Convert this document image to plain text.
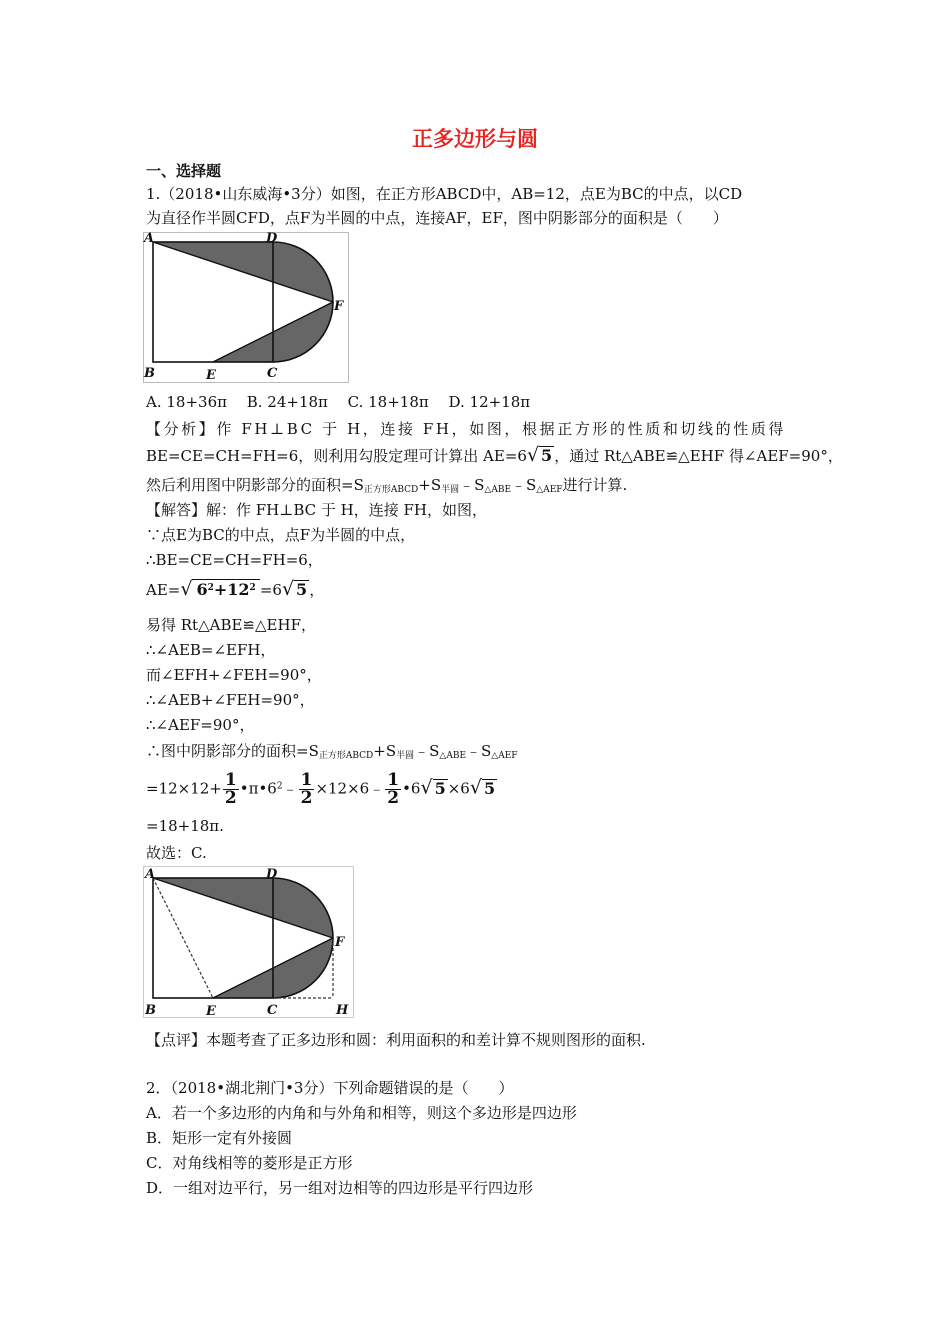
正多边形与圆
一、选择题
1.（2018•山东威海•3分）如图，在正方形ABCD中，AB=12，点E为BC的中点，以CD
为直径作半圆CFD，点F为半圆的中点，连接AF，EF，图中阴影部分的面积是（　　）
A
B	C
D
E
F
A. 18+36π　 B. 24+18π　 C. 18+18π　 D. 12+18π
【分析】作 FH⊥BC 于 H，连接 FH，如图，根据正方形的性质和切线的性质得
BE=CE=CH=FH=6，则利用勾股定理可计算出 AE=6√ 5 ，通过 Rt△ABE≌△EHF 得∠AEF=90°，
然后利用图中阴影部分的面积$=S_{正方形ABCD}+S_{半圆}﹣S_{\triangle ABE}﹣S_{\triangle AEF}$进行计算.
【解答】解：作 FH⊥BC 于 H，连接 FH，如图，
∵点E为BC的中点，点F为半圆的中点，
∴BE=CE=CH=FH=6，
AE=√ $6^2+12^2 =6√$ 5 ，
易得 Rt△ABE≌△EHF，
∴∠AEB=∠EFH，
而∠EFH+∠FEH=90°，
∴∠AEB+∠FEH=90°，
∴∠AEF=90°，
∴图中阴影部分的面积$=S_{正方形ABCD}+S_{半圆}﹣S_{\triangle ABE}﹣S_{\triangle AEF}$
$=12\times 12+ \frac{1}{2}$ $•\pi•6^2﹣ \frac{1}{2}$ ×12×6﹣ $\frac{1}{2}$ •6√ 5 ×6√ 5
=18+18π.
故选：C.
A
B	C
D
E
F
H
【点评】本题考查了正多边形和圆：利用面积的和差计算不规则图形的面积.
2．（2018•湖北荆门•3分）下列命题错误的是（　　）
A．若一个多边形的内角和与外角和相等，则这个多边形是四边形
B．矩形一定有外接圆
C．对角线相等的菱形是正方形
D．一组对边平行，另一组对边相等的四边形是平行四边形
